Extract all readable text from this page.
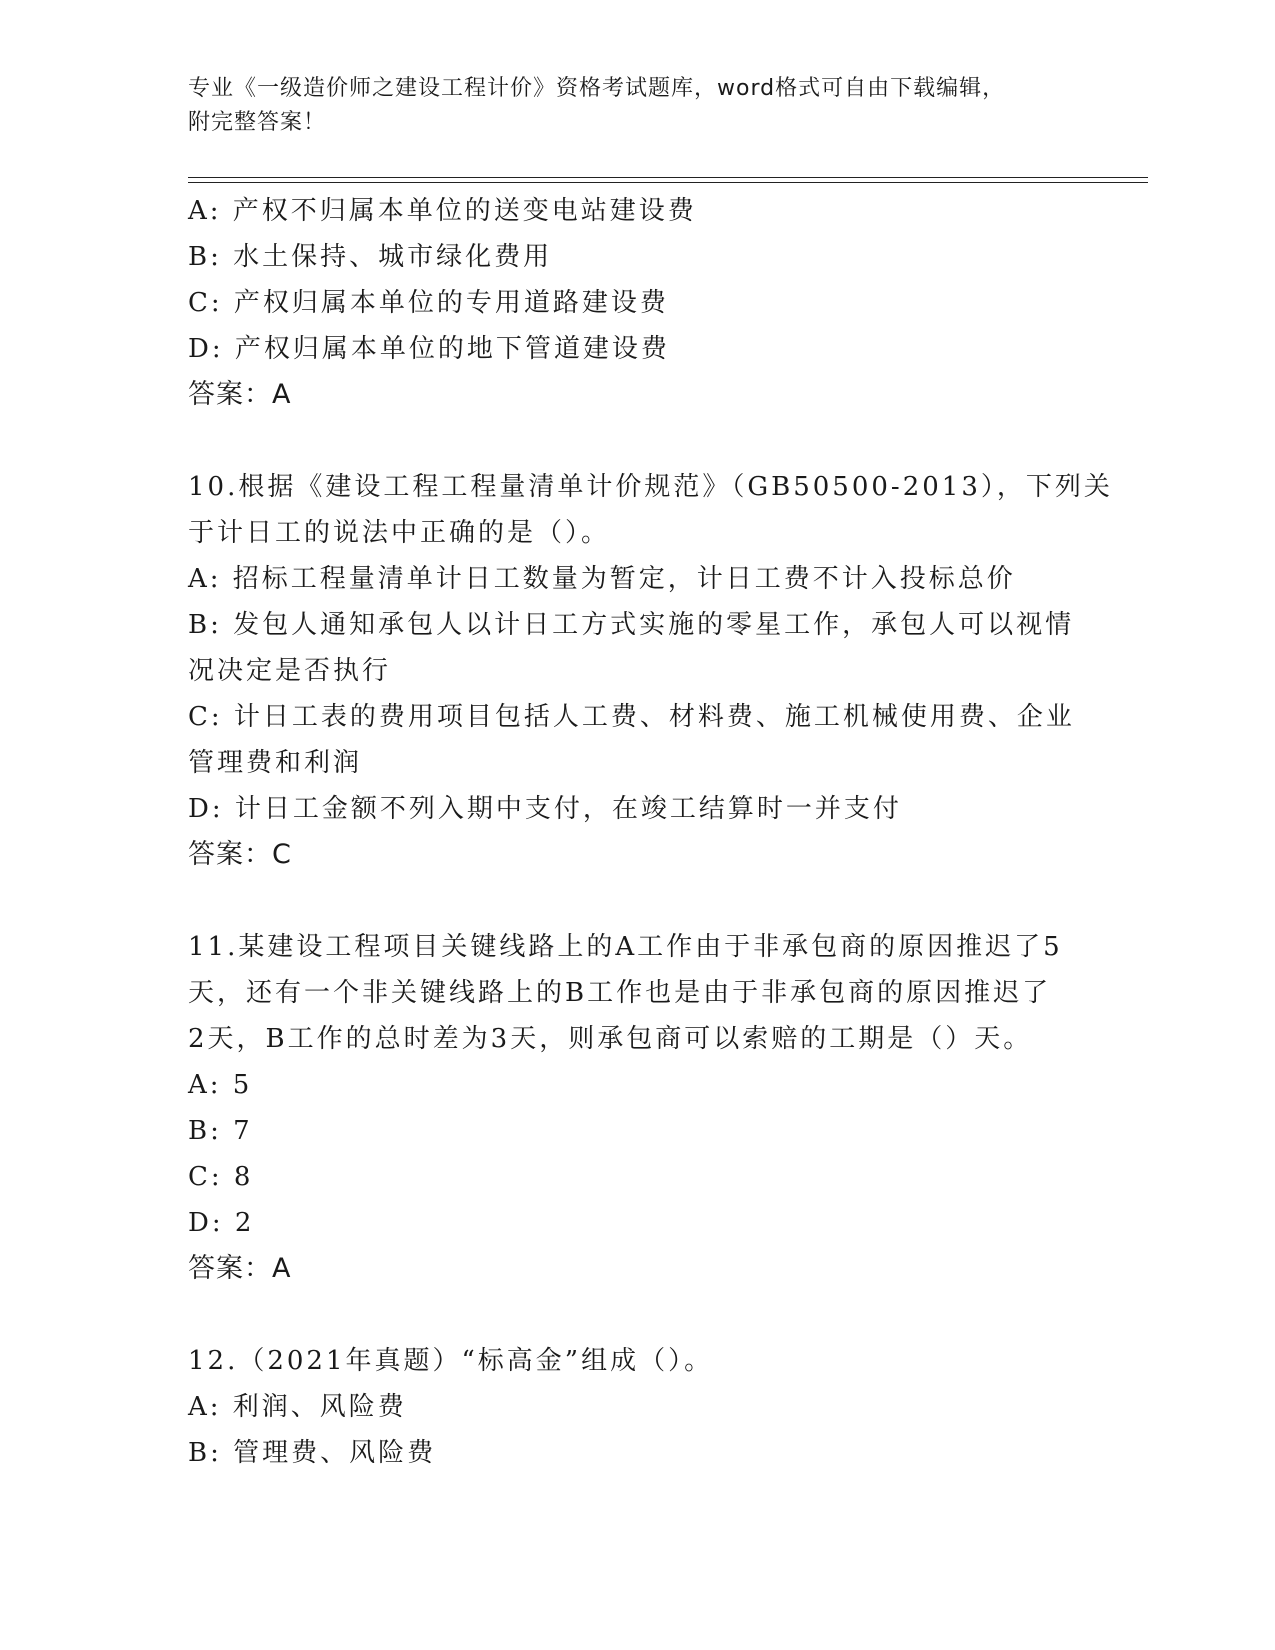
专业《一级造价师之建设工程计价》资格考试题库，word格式可自由下载编辑，
附完整答案！
A: 产权不归属本单位的送变电站建设费
B: 水土保持、城市绿化费用
C: 产权归属本单位的专用道路建设费
D: 产权归属本单位的地下管道建设费
答案：A
10.根据《建设工程工程量清单计价规范》（GB50500-2013），下列关
于计日工的说法中正确的是（）。
A: 招标工程量清单计日工数量为暂定，计日工费不计入投标总价
B: 发包人通知承包人以计日工方式实施的零星工作，承包人可以视情
况决定是否执行
C: 计日工表的费用项目包括人工费、材料费、施工机械使用费、企业
管理费和利润
D: 计日工金额不列入期中支付，在竣工结算时一并支付
答案：C
11.某建设工程项目关键线路上的A工作由于非承包商的原因推迟了5
天，还有一个非关键线路上的B工作也是由于非承包商的原因推迟了
2天，B工作的总时差为3天，则承包商可以索赔的工期是（）天。
A: 5
B: 7
C: 8
D: 2
答案：A
12.（2021年真题）“标高金”组成（）。
A: 利润、风险费
B: 管理费、风险费
